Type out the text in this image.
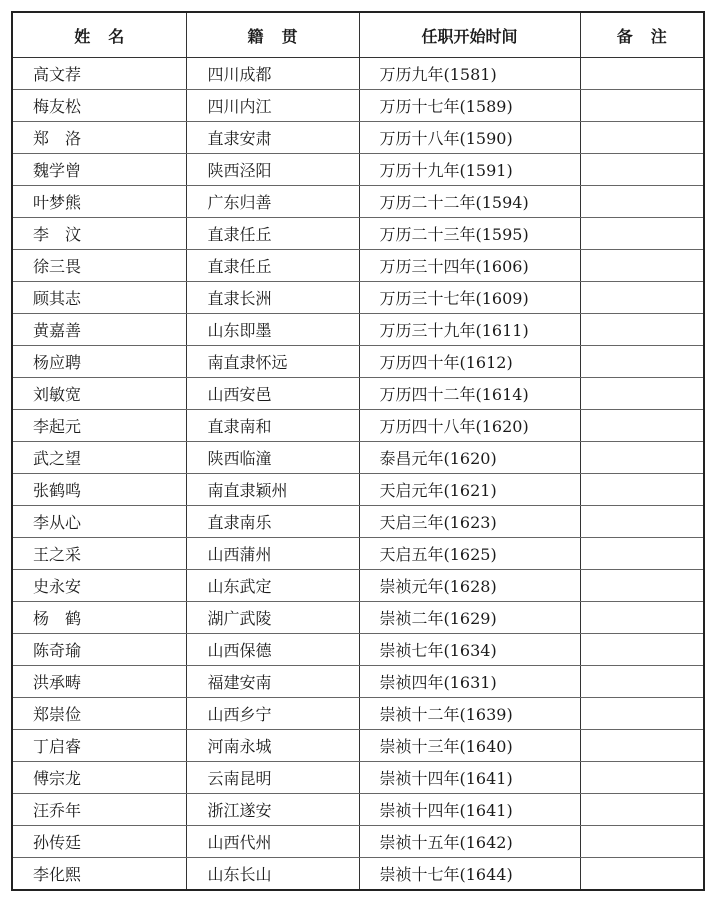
姓名	籍贯	任职开始时间	备注
高文荐	四川成都	万历九年(1581)	
梅友松	四川内江	万历十七年(1589)	
郑　洛	直隶安肃	万历十八年(1590)	
魏学曾	陕西泾阳	万历十九年(1591)	
叶梦熊	广东归善	万历二十二年(1594)	
李　汶	直隶任丘	万历二十三年(1595)	
徐三畏	直隶任丘	万历三十四年(1606)	
顾其志	直隶长洲	万历三十七年(1609)	
黄嘉善	山东即墨	万历三十九年(1611)	
杨应聘	南直隶怀远	万历四十年(1612)	
刘敏宽	山西安邑	万历四十二年(1614)	
李起元	直隶南和	万历四十八年(1620)	
武之望	陕西临潼	泰昌元年(1620)	
张鹤鸣	南直隶颖州	天启元年(1621)	
李从心	直隶南乐	天启三年(1623)	
王之采	山西蒲州	天启五年(1625)	
史永安	山东武定	崇祯元年(1628)	
杨　鹤	湖广武陵	崇祯二年(1629)	
陈奇瑜	山西保德	崇祯七年(1634)	
洪承畴	福建安南	崇祯四年(1631)	
郑崇俭	山西乡宁	崇祯十二年(1639)	
丁启睿	河南永城	崇祯十三年(1640)	
傅宗龙	云南昆明	崇祯十四年(1641)	
汪乔年	浙江遂安	崇祯十四年(1641)	
孙传廷	山西代州	崇祯十五年(1642)	
李化熙	山东长山	崇祯十七年(1644)	
